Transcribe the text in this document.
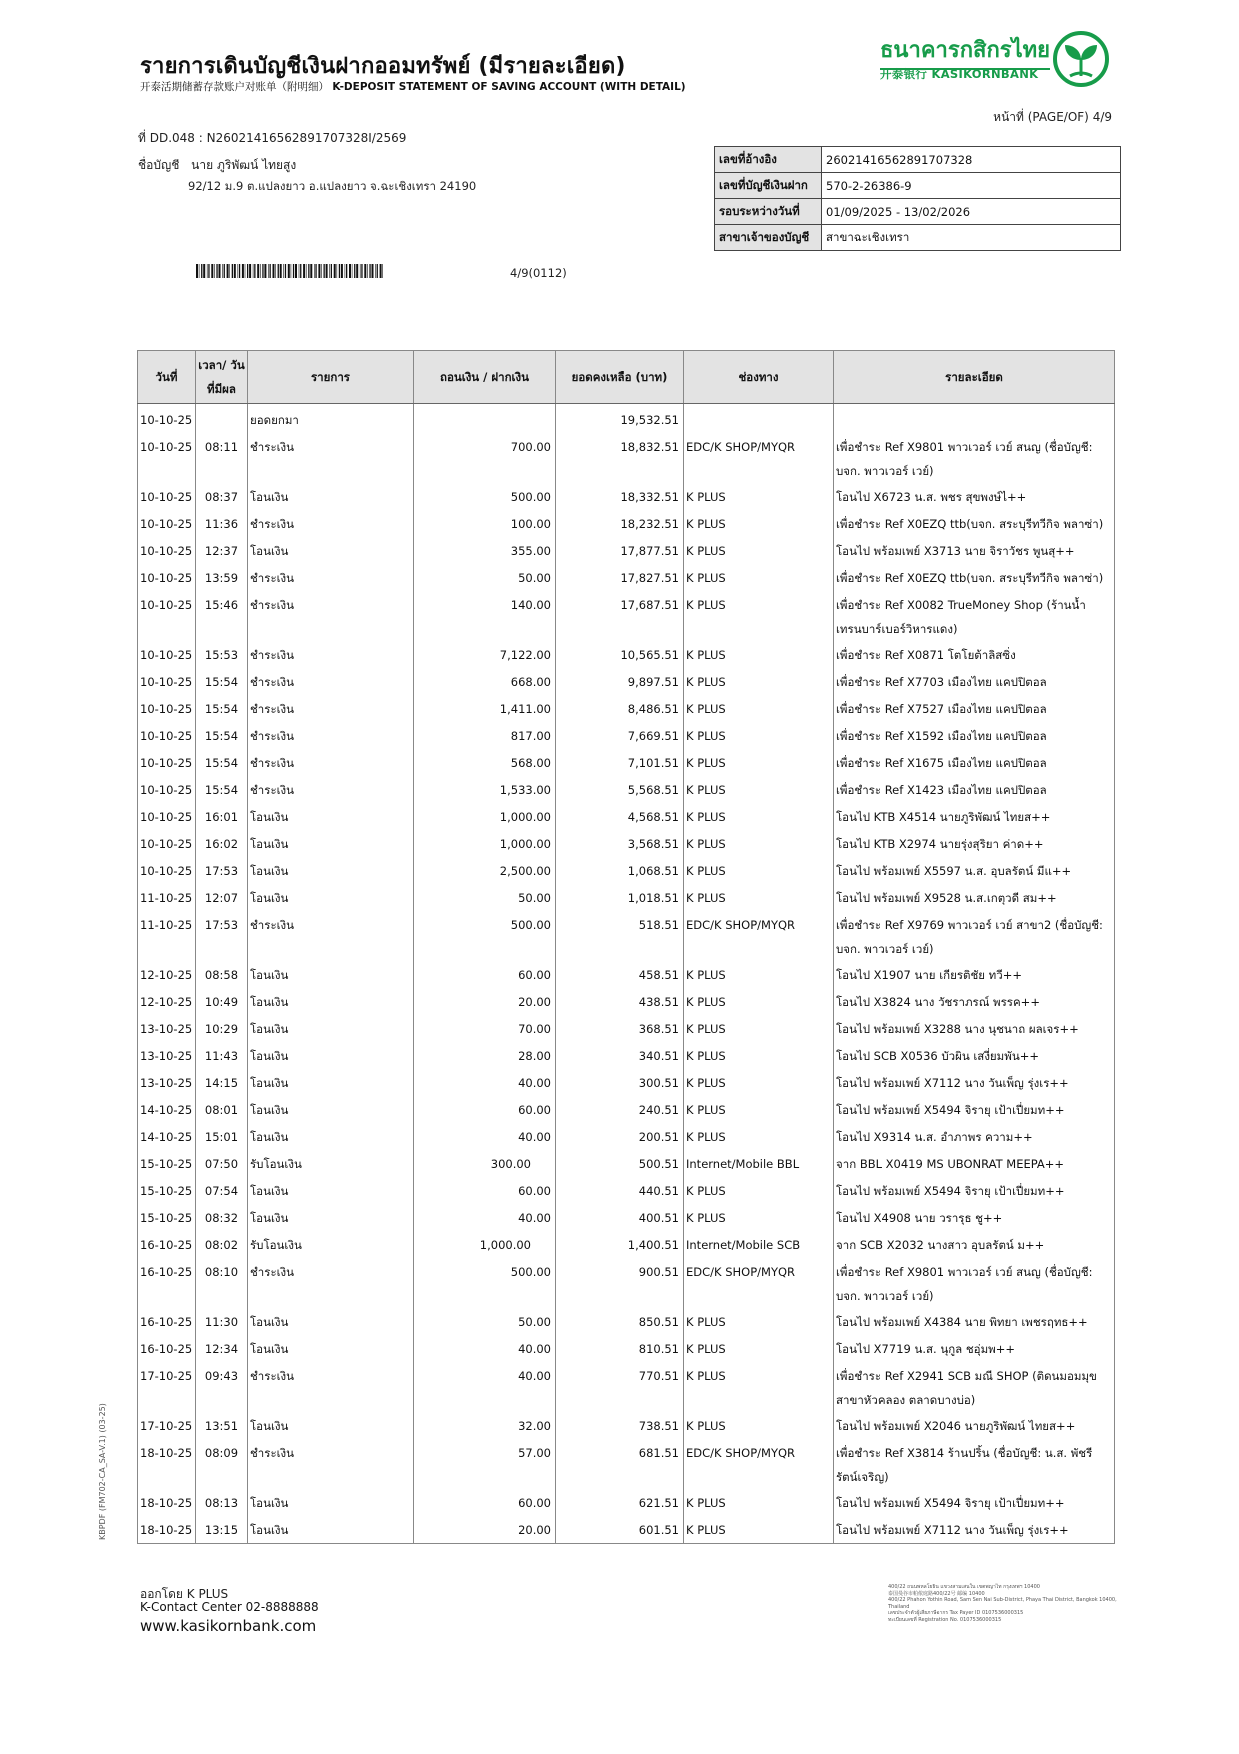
รายการเดินบัญชีเงินฝากออมทรัพย์ (มีรายละเอียด)
开泰活期储蓄存款账户对账单（附明细） K-DEPOSIT STATEMENT OF SAVING ACCOUNT (WITH DETAIL)
ธนาคารกสิกรไทย
开泰银行 KASIKORNBANK
หน้าที่ (PAGE/OF) 4/9
ที่ DD.048 : N2602141656289170732​8I/2569
ชื่อบัญชี นาย ภูริพัฒน์ ไทยสูง
92/12 ม.9 ต.แปลงยาว อ.แปลงยาว จ.ฉะเชิงเทรา 24190
เลขที่อ้างอิง	260214165628917073​28
เลขที่บัญชีเงินฝาก	570-2-26386-9
รอบระหว่างวันที่	01/09/2025 - 13/02/2026
สาขาเจ้าของบัญชี	สาขาฉะเชิงเทรา
4/9(0112)
วันที่	เวลา/ วันที่มีผล	รายการ	ถอนเงิน / ฝากเงิน	ยอดคงเหลือ (บาท)	ช่องทาง	รายละเอียด
10-10-25		ยอดยกมา		19,532.51		
10-10-25	08:11	ชำระเงิน	700.00	18,832.51	EDC/K SHOP/MYQR	เพื่อชำระ Ref X9801 พาวเวอร์ เวย์ สนญ (ชื่อบัญชี: บจก. พาวเวอร์ เวย์)
10-10-25	08:37	โอนเงิน	500.00	18,332.51	K PLUS	โอนไป X6723 น.ส. พชร สุขพงษ์ไ++
10-10-25	11:36	ชำระเงิน	100.00	18,232.51	K PLUS	เพื่อชำระ Ref X0EZQ ttb(บจก. สระบุรีทวีกิจ พลาซ่า)
10-10-25	12:37	โอนเงิน	355.00	17,877.51	K PLUS	โอนไป พร้อมเพย์ X3713 นาย จิราวัชร พูนสุ++
10-10-25	13:59	ชำระเงิน	50.00	17,827.51	K PLUS	เพื่อชำระ Ref X0EZQ ttb(บจก. สระบุรีทวีกิจ พลาซ่า)
10-10-25	15:46	ชำระเงิน	140.00	17,687.51	K PLUS	เพื่อชำระ Ref X0082 TrueMoney Shop (ร้านน้ำเทรนบาร์เบอร์วิหารแดง)
10-10-25	15:53	ชำระเงิน	7,122.00	10,565.51	K PLUS	เพื่อชำระ Ref X0871 โตโยต้าลิสซิ่ง
10-10-25	15:54	ชำระเงิน	668.00	9,897.51	K PLUS	เพื่อชำระ Ref X7703 เมืองไทย แคปปิตอล
10-10-25	15:54	ชำระเงิน	1,411.00	8,486.51	K PLUS	เพื่อชำระ Ref X7527 เมืองไทย แคปปิตอล
10-10-25	15:54	ชำระเงิน	817.00	7,669.51	K PLUS	เพื่อชำระ Ref X1592 เมืองไทย แคปปิตอล
10-10-25	15:54	ชำระเงิน	568.00	7,101.51	K PLUS	เพื่อชำระ Ref X1675 เมืองไทย แคปปิตอล
10-10-25	15:54	ชำระเงิน	1,533.00	5,568.51	K PLUS	เพื่อชำระ Ref X1423 เมืองไทย แคปปิตอล
10-10-25	16:01	โอนเงิน	1,000.00	4,568.51	K PLUS	โอนไป KTB X4514 นายภูริพัฒน์ ไทยส++
10-10-25	16:02	โอนเงิน	1,000.00	3,568.51	K PLUS	โอนไป KTB X2974 นายรุ่งสุริยา ค่าด++
10-10-25	17:53	โอนเงิน	2,500.00	1,068.51	K PLUS	โอนไป พร้อมเพย์ X5597 น.ส. อุบลรัตน์ มีแ++
11-10-25	12:07	โอนเงิน	50.00	1,018.51	K PLUS	โอนไป พร้อมเพย์ X9528 น.ส.เกตุวดี สม++
11-10-25	17:53	ชำระเงิน	500.00	518.51	EDC/K SHOP/MYQR	เพื่อชำระ Ref X9769 พาวเวอร์ เวย์ สาขา2 (ชื่อบัญชี: บจก. พาวเวอร์ เวย์)
12-10-25	08:58	โอนเงิน	60.00	458.51	K PLUS	โอนไป X1907 นาย เกียรติชัย ทวี++
12-10-25	10:49	โอนเงิน	20.00	438.51	K PLUS	โอนไป X3824 นาง วัชราภรณ์ พรรค++
13-10-25	10:29	โอนเงิน	70.00	368.51	K PLUS	โอนไป พร้อมเพย์ X3288 นาง นุชนาถ ผลเจร++
13-10-25	11:43	โอนเงิน	28.00	340.51	K PLUS	โอนไป SCB X0536 บัวผิน เสงี่ยมพัน++
13-10-25	14:15	โอนเงิน	40.00	300.51	K PLUS	โอนไป พร้อมเพย์ X7112 นาง วันเพ็ญ รุ่งเร++
14-10-25	08:01	โอนเงิน	60.00	240.51	K PLUS	โอนไป พร้อมเพย์ X5494 จิรายุ เป้าเปี่ยมท++
14-10-25	15:01	โอนเงิน	40.00	200.51	K PLUS	โอนไป X9314 น.ส. อำภาพร ความ++
15-10-25	07:50	รับโอนเงิน	300.00	500.51	Internet/Mobile BBL	จาก BBL X0419 MS UBONRAT MEEPA++
15-10-25	07:54	โอนเงิน	60.00	440.51	K PLUS	โอนไป พร้อมเพย์ X5494 จิรายุ เป้าเปี่ยมท++
15-10-25	08:32	โอนเงิน	40.00	400.51	K PLUS	โอนไป X4908 นาย วรารุธ ชู++
16-10-25	08:02	รับโอนเงิน	1,000.00	1,400.51	Internet/Mobile SCB	จาก SCB X2032 นางสาว อุบลรัตน์ ม++
16-10-25	08:10	ชำระเงิน	500.00	900.51	EDC/K SHOP/MYQR	เพื่อชำระ Ref X9801 พาวเวอร์ เวย์ สนญ (ชื่อบัญชี: บจก. พาวเวอร์ เวย์)
16-10-25	11:30	โอนเงิน	50.00	850.51	K PLUS	โอนไป พร้อมเพย์ X4384 นาย พิทยา เพชรฤทธ++
16-10-25	12:34	โอนเงิน	40.00	810.51	K PLUS	โอนไป X7719 น.ส. นุกูล ชอุ่มพ++
17-10-25	09:43	ชำระเงิน	40.00	770.51	K PLUS	เพื่อชำระ Ref X2941 SCB มณี SHOP (ติดนมอมมุข สาขาหัวคลอง ตลาดบางบ่อ)
17-10-25	13:51	โอนเงิน	32.00	738.51	K PLUS	โอนไป พร้อมเพย์ X2046 นายภูริพัฒน์ ไทยส++
18-10-25	08:09	ชำระเงิน	57.00	681.51	EDC/K SHOP/MYQR	เพื่อชำระ Ref X3814 ร้านปริ้น (ชื่อบัญชี: น.ส. พัชรีรัตน์เจริญ)
18-10-25	08:13	โอนเงิน	60.00	621.51	K PLUS	โอนไป พร้อมเพย์ X5494 จิรายุ เป้าเปี่ยมท++
18-10-25	13:15	โอนเงิน	20.00	601.51	K PLUS	โอนไป พร้อมเพย์ X7112 นาง วันเพ็ญ รุ่งเร++
KBPDF (FM702-CA_SA-V.1) (03-25)
ออกโดย K PLUS
K-Contact Center 02-8888888
www.kasikornbank.com
400/22 ถนนพหลโยธิน แขวงสามเสนใน เขตพญาไท กรุงเทพฯ 10400
泰国曼谷市帕侬庭路400/22号 邮编 10400
400/22 Phahon Yothin Road, Sam Sen Nai Sub-District, Phaya Thai District, Bangkok 10400, Thailand
เลขประจำตัวผู้เสียภาษีอากร Tax Payer ID 0107536000315
ทะเบียนเลขที่ Registration No. 0107536000315
